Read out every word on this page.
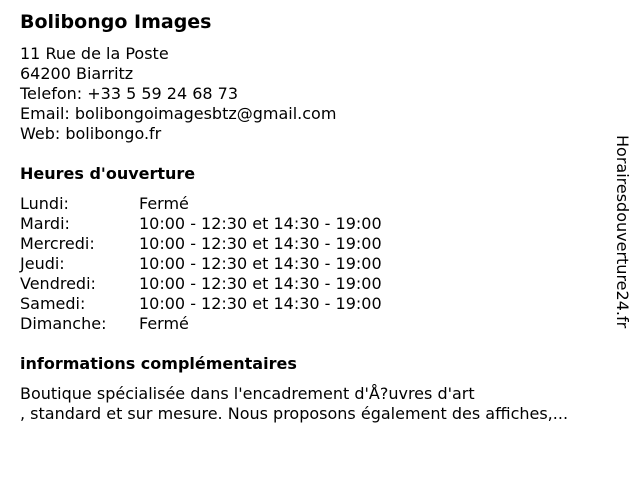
Bolibongo Images
11 Rue de la Poste
64200 Biarritz
Telefon: +33 5 59 24 68 73
Email: bolibongoimagesbtz@gmail.com
Web: bolibongo.fr
Heures d'ouverture
Lundi:	Fermé
Mardi:	10:00 - 12:30 et 14:30 - 19:00
Mercredi:	10:00 - 12:30 et 14:30 - 19:00
Jeudi:	10:00 - 12:30 et 14:30 - 19:00
Vendredi:	10:00 - 12:30 et 14:30 - 19:00
Samedi:	10:00 - 12:30 et 14:30 - 19:00
Dimanche:	Fermé
informations complémentaires
Boutique spécialisée dans l'encadrement d'Å?uvres d'art
, standard et sur mesure. Nous proposons également des affiches,...
Horairesdouverture24.fr
